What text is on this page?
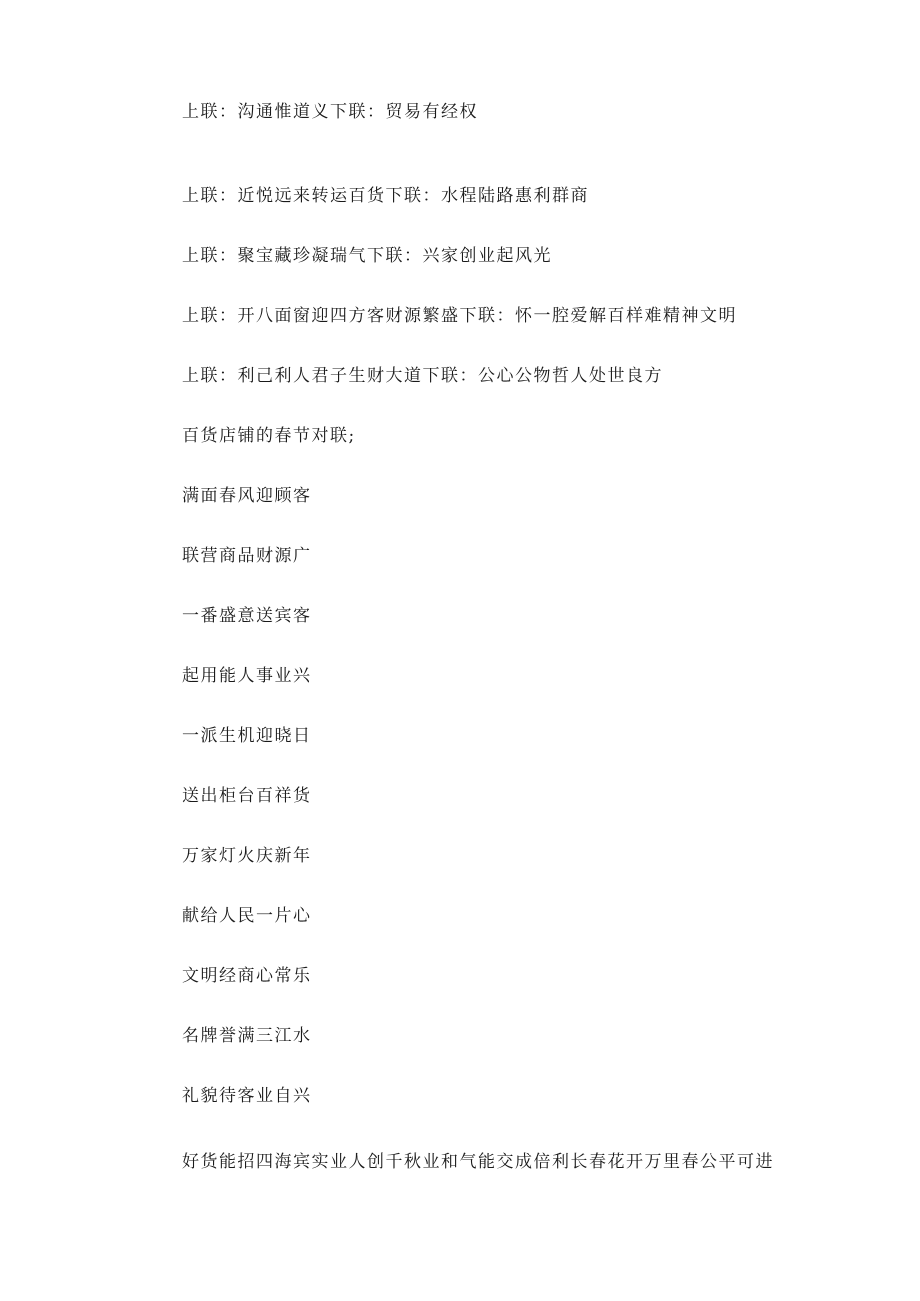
上联：沟通惟道义下联：贸易有经权
上联：近悦远来转运百货下联：水程陆路惠利群商
上联：聚宝藏珍凝瑞气下联：兴家创业起风光
上联：开八面窗迎四方客财源繁盛下联：怀一腔爱解百样难精神文明
上联：利己利人君子生财大道下联：公心公物哲人处世良方
百货店铺的春节对联;
满面春风迎顾客
联营商品财源广
一番盛意送宾客
起用能人事业兴
一派生机迎晓日
送出柜台百祥货
万家灯火庆新年
献给人民一片心
文明经商心常乐
名牌誉满三江水
礼貌待客业自兴
好货能招四海宾实业人创千秋业和气能交成倍利长春花开万里春公平可进
